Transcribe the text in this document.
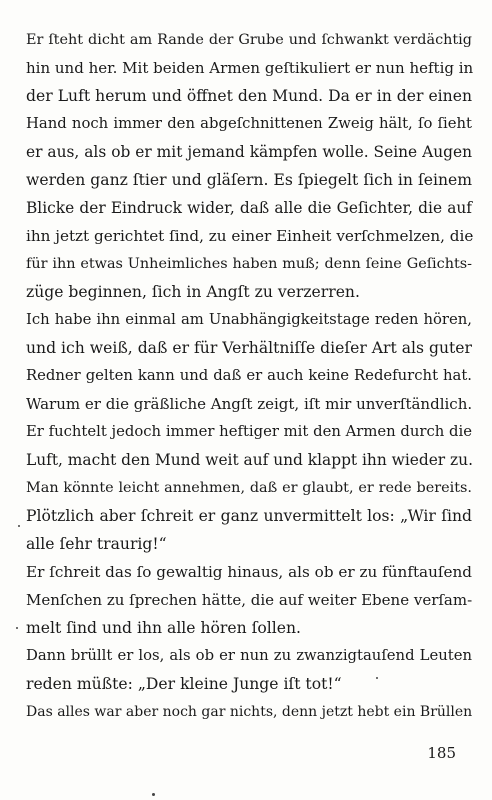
Er ſteht dicht am Rande der Grube und ſchwankt verdächtig
hin und her. Mit beiden Armen geſtikuliert er nun heftig in
der Luft herum und öffnet den Mund. Da er in der einen
Hand noch immer den abgeſchnittenen Zweig hält, ſo ſieht
er aus, als ob er mit jemand kämpfen wolle. Seine Augen
werden ganz ſtier und gläſern. Es ſpiegelt ſich in ſeinem
Blicke der Eindruck wider, daß alle die Geſichter, die auf
ihn jetzt gerichtet ſind, zu einer Einheit verſchmelzen, die
für ihn etwas Unheimliches haben muß; denn ſeine Geſichts-
züge beginnen, ſich in Angſt zu verzerren.
Ich habe ihn einmal am Unabhängigkeitstage reden hören,
und ich weiß, daß er für Verhältniſſe dieſer Art als guter
Redner gelten kann und daß er auch keine Redefurcht hat.
Warum er die gräßliche Angſt zeigt, iſt mir unverſtändlich.
Er fuchtelt jedoch immer heftiger mit den Armen durch die
Luft, macht den Mund weit auf und klappt ihn wieder zu.
Man könnte leicht annehmen, daß er glaubt, er rede bereits.
Plötzlich aber ſchreit er ganz unvermittelt los: „Wir ſind
alle ſehr traurig!“
Er ſchreit das ſo gewaltig hinaus, als ob er zu fünftauſend
Menſchen zu ſprechen hätte, die auf weiter Ebene verſam-
melt ſind und ihn alle hören ſollen.
Dann brüllt er los, als ob er nun zu zwanzigtauſend Leuten
reden müßte: „Der kleine Junge iſt tot!“
Das alles war aber noch gar nichts, denn jetzt hebt ein Brüllen
185
